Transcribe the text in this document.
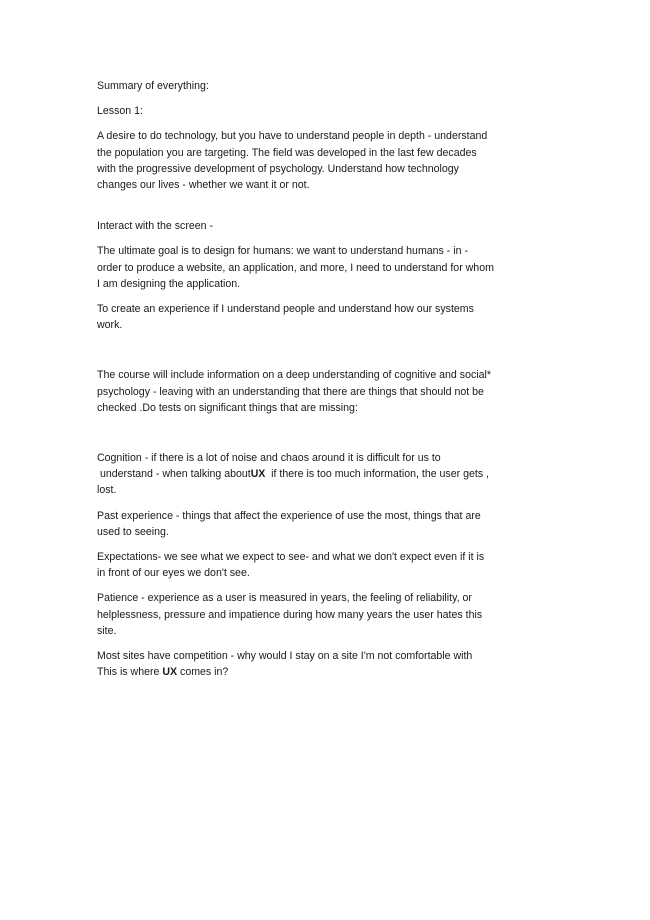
Summary of everything:

Lesson 1:

A desire to do technology, but you have to understand people in depth - understand
the population you are targeting. The field was developed in the last few decades
with the progressive development of psychology. Understand how technology
changes our lives - whether we want it or not.

Interact with the screen -

The ultimate goal is to design for humans: we want to understand humans - in -
order to produce a website, an application, and more, I need to understand for whom
I am designing the application.

To create an experience if I understand people and understand how our systems
work.

The course will include information on a deep understanding of cognitive and social*
psychology - leaving with an understanding that there are things that should not be
checked .Do tests on significant things that are missing:

Cognition - if there is a lot of noise and chaos around it is difficult for us to
understand - when talking aboutUX  if there is too much information, the user gets ,
lost.

Past experience - things that affect the experience of use the most, things that are
used to seeing.

Expectations- we see what we expect to see- and what we don't expect even if it is
in front of our eyes we don't see.

Patience - experience as a user is measured in years, the feeling of reliability, or
helplessness, pressure and impatience during how many years the user hates this
site.

Most sites have competition - why would I stay on a site I'm not comfortable with
This is where UX comes in?
